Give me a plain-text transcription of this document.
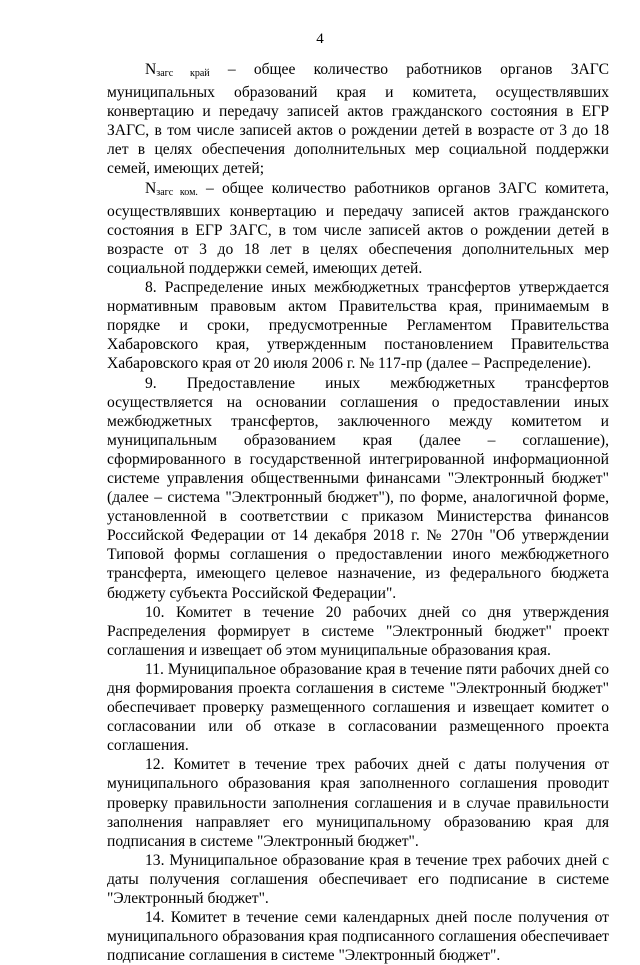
4

$N_{загс край}$ – общее количество работников органов ЗАГС муниципальных образований края и комитета, осуществлявших конвертацию и передачу записей актов гражданского состояния в ЕГР ЗАГС, в том числе записей актов о рождении детей в возрасте от 3 до 18 лет в целях обеспечения дополнительных мер социальной поддержки семей, имеющих детей;

$N_{загс ком.}$ – общее количество работников органов ЗАГС комитета, осуществлявших конвертацию и передачу записей актов гражданского состояния в ЕГР ЗАГС, в том числе записей актов о рождении детей в возрасте от 3 до 18 лет в целях обеспечения дополнительных мер социальной поддержки семей, имеющих детей.

8. Распределение иных межбюджетных трансфертов утверждается нормативным правовым актом Правительства края, принимаемым в порядке и сроки, предусмотренные Регламентом Правительства Хабаровского края, утвержденным постановлением Правительства Хабаровского края от 20 июля 2006 г. № 117-пр (далее – Распределение).

9. Предоставление иных межбюджетных трансфертов осуществляется на основании соглашения о предоставлении иных межбюджетных трансфертов, заключенного между комитетом и муниципальным образованием края (далее – соглашение), сформированного в государственной интегрированной информационной системе управления общественными финансами "Электронный бюджет" (далее – система "Электронный бюджет"), по форме, аналогичной форме, установленной в соответствии с приказом Министерства финансов Российской Федерации от 14 декабря 2018 г. № 270н "Об утверждении Типовой формы соглашения о предоставлении иного межбюджетного трансферта, имеющего целевое назначение, из федерального бюджета бюджету субъекта Российской Федерации".

10. Комитет в течение 20 рабочих дней со дня утверждения Распределения формирует в системе "Электронный бюджет" проект соглашения и извещает об этом муниципальные образования края.

11. Муниципальное образование края в течение пяти рабочих дней со дня формирования проекта соглашения в системе "Электронный бюджет" обеспечивает проверку размещенного соглашения и извещает комитет о согласовании или об отказе в согласовании размещенного проекта соглашения.

12. Комитет в течение трех рабочих дней с даты получения от муниципального образования края заполненного соглашения проводит проверку правильности заполнения соглашения и в случае правильности заполнения направляет его муниципальному образованию края для подписания в системе "Электронный бюджет".

13. Муниципальное образование края в течение трех рабочих дней с даты получения соглашения обеспечивает его подписание в системе "Электронный бюджет".

14. Комитет в течение семи календарных дней после получения от муниципального образования края подписанного соглашения обеспечивает подписание соглашения в системе "Электронный бюджет".
